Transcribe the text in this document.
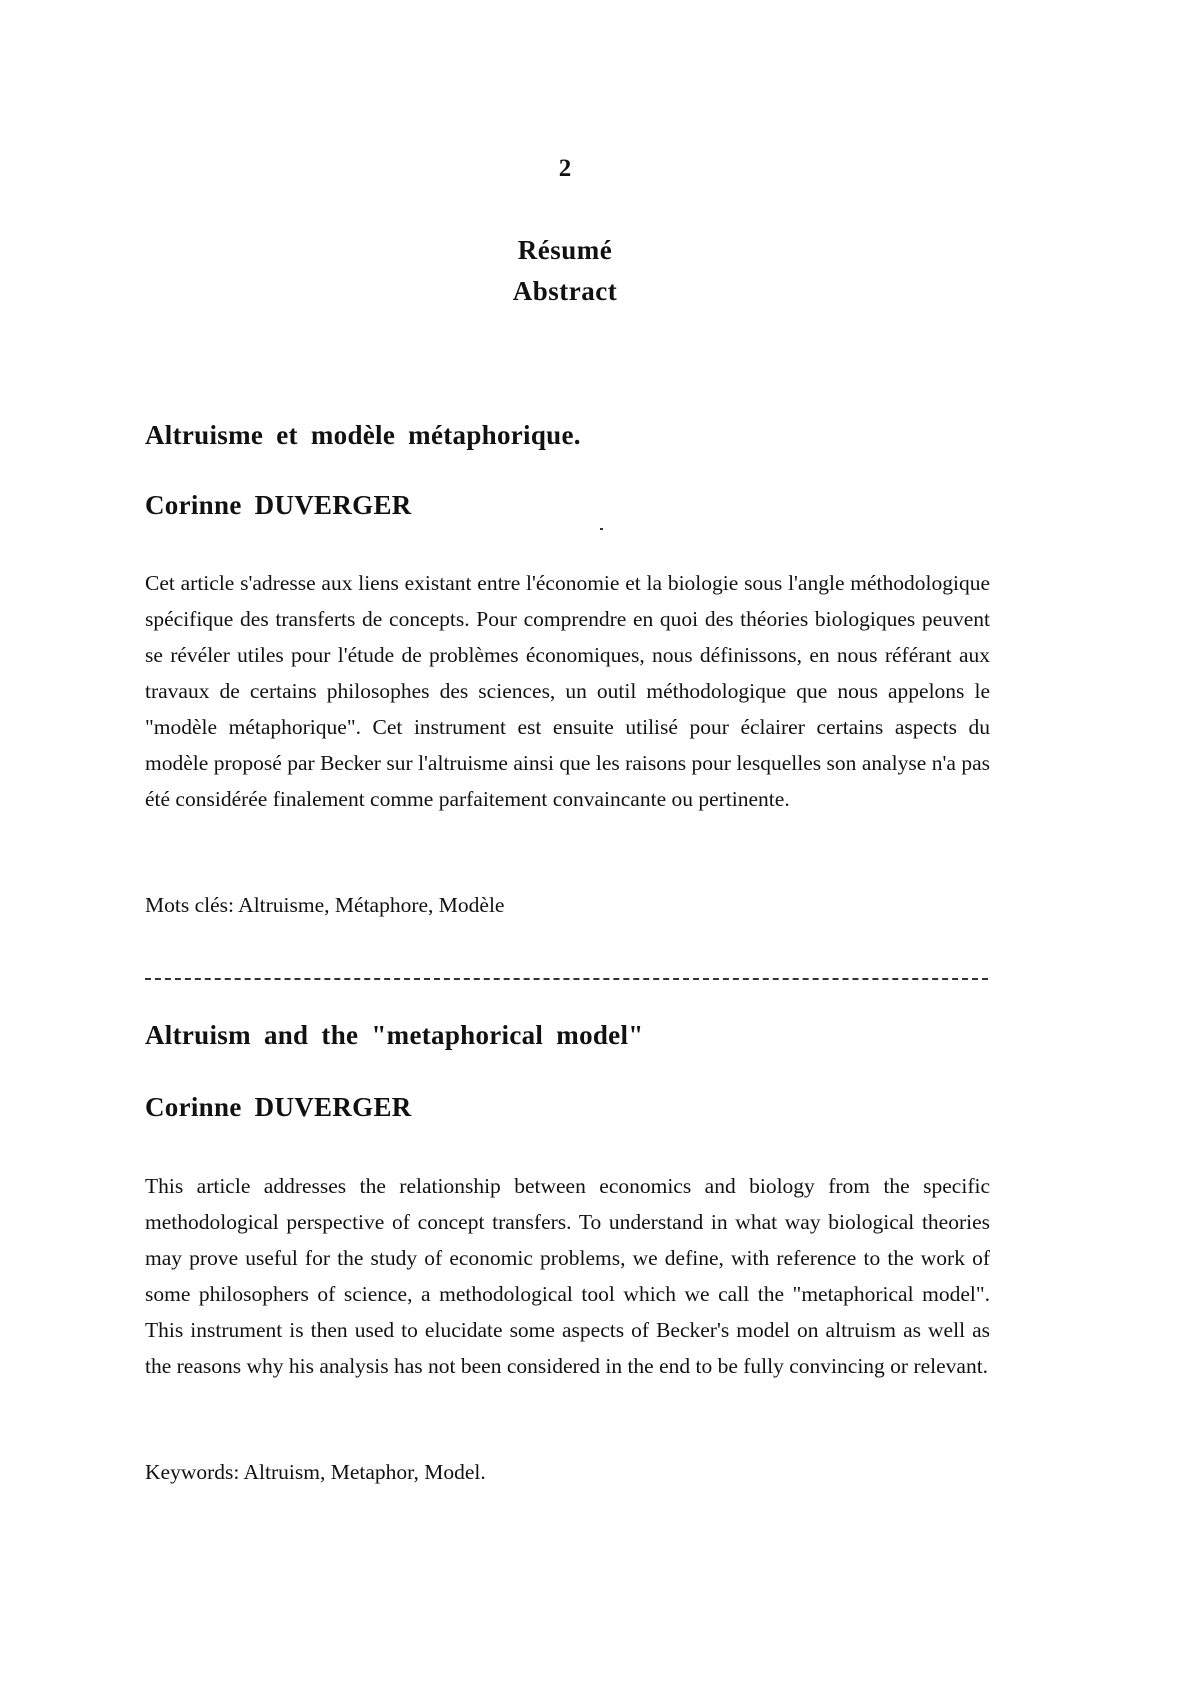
2
Résumé
Abstract

Altruisme et modèle métaphorique.

Corinne DUVERGER

Cet article s'adresse aux liens existant entre l'économie et la biologie sous l'angle méthodologique spécifique des transferts de concepts. Pour comprendre en quoi des théories biologiques peuvent se révéler utiles pour l'étude de problèmes économiques, nous définissons, en nous référant aux travaux de certains philosophes des sciences, un outil méthodologique que nous appelons le "modèle métaphorique". Cet instrument est ensuite utilisé pour éclairer certains aspects du modèle proposé par Becker sur l'altruisme ainsi que les raisons pour lesquelles son analyse n'a pas été considérée finalement comme parfaitement convaincante ou pertinente.

Mots clés: Altruisme, Métaphore, Modèle

Altruism and the "metaphorical model"

Corinne DUVERGER

This article addresses the relationship between economics and biology from the specific methodological perspective of concept transfers. To understand in what way biological theories may prove useful for the study of economic problems, we define, with reference to the work of some philosophers of science, a methodological tool which we call the "metaphorical model". This instrument is then used to elucidate some aspects of Becker's model on altruism as well as the reasons why his analysis has not been considered in the end to be fully convincing or relevant.

Keywords: Altruism, Metaphor, Model.
